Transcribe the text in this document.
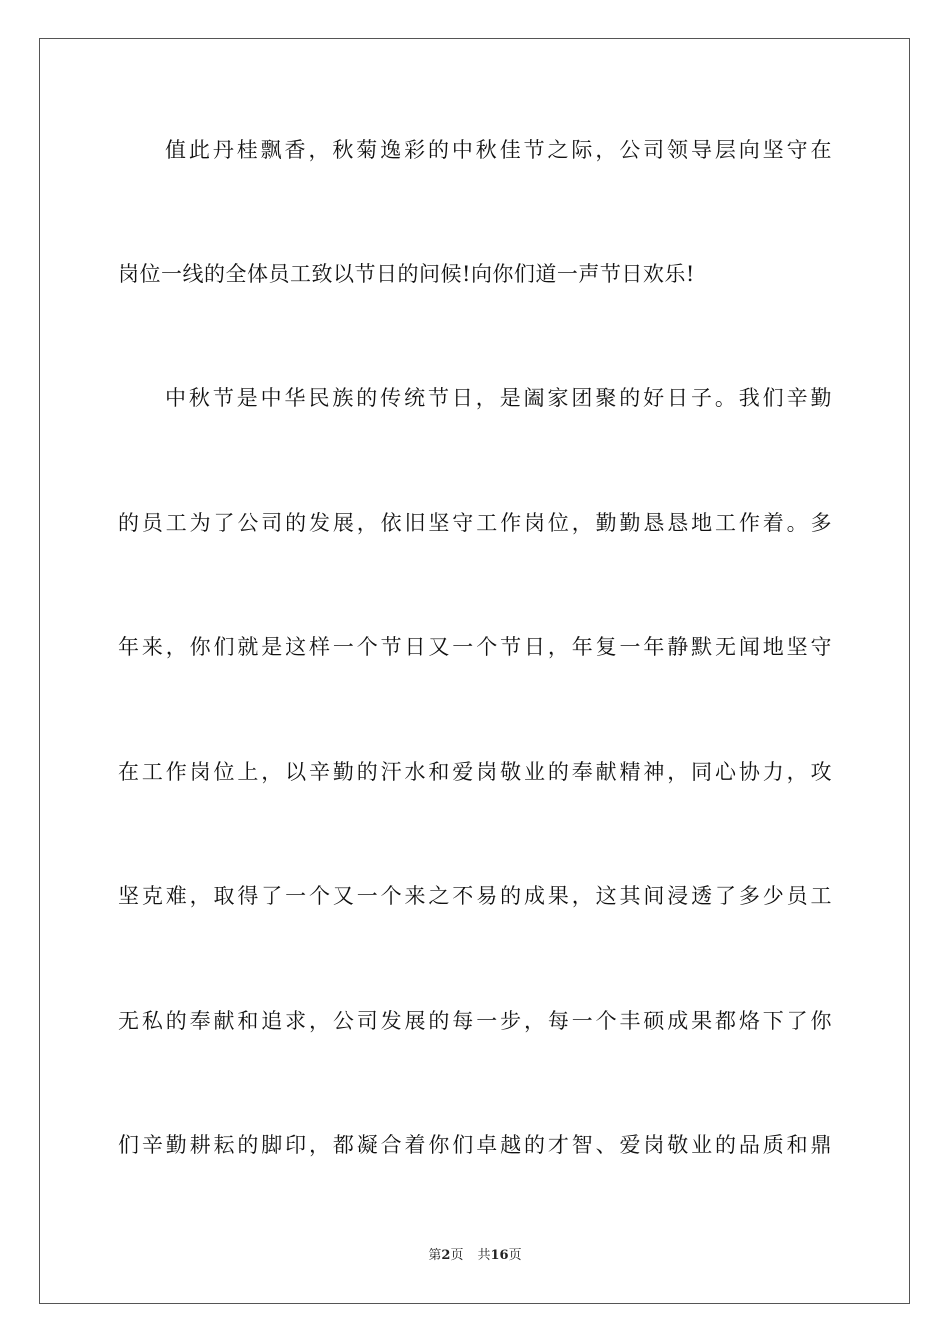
值此丹桂飘香，秋菊逸彩的中秋佳节之际，公司领导层向坚守在
岗位一线的全体员工致以节日的问候!向你们道一声节日欢乐!
中秋节是中华民族的传统节日，是阖家团聚的好日子。我们辛勤
的员工为了公司的发展，依旧坚守工作岗位，勤勤恳恳地工作着。多
年来，你们就是这样一个节日又一个节日，年复一年静默无闻地坚守
在工作岗位上，以辛勤的汗水和爱岗敬业的奉献精神，同心协力，攻
坚克难，取得了一个又一个来之不易的成果，这其间浸透了多少员工
无私的奉献和追求，公司发展的每一步，每一个丰硕成果都烙下了你
们辛勤耕耘的脚印，都凝合着你们卓越的才智、爱岗敬业的品质和鼎
第2页 共16页
